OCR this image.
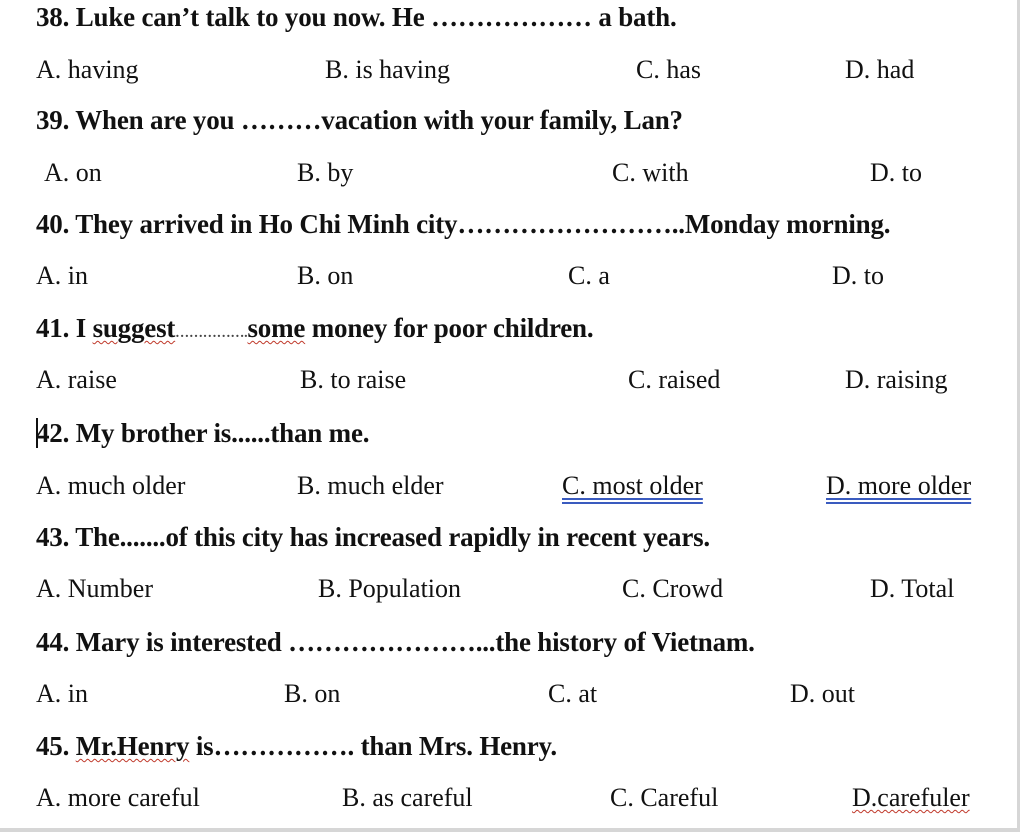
38. Luke can’t talk to you now. He ……………… a bath.
A. having	B. is having	C. has	D. had
39. When are you ………vacation with your family, Lan?
A. on	B. by	C. with	D. to
40. They arrived in Ho Chi Minh city……………………..Monday morning.
A. in	B. on	C. a	D. to
41. I suggest…………….some money for poor children.
A. raise	B. to raise	C. raised	D. raising
42. My brother is......than me.
A. much older	B. much elder	C. most older	D. more older
43. The.......of this city has increased rapidly in recent years.
A. Number	B. Population	C. Crowd	D. Total
44. Mary is interested …………………...the history of Vietnam.
A. in	B. on	C. at	D. out
45. Mr.Henry is……………. than Mrs. Henry.
A. more careful	B. as careful	C. Careful	D.carefuler
